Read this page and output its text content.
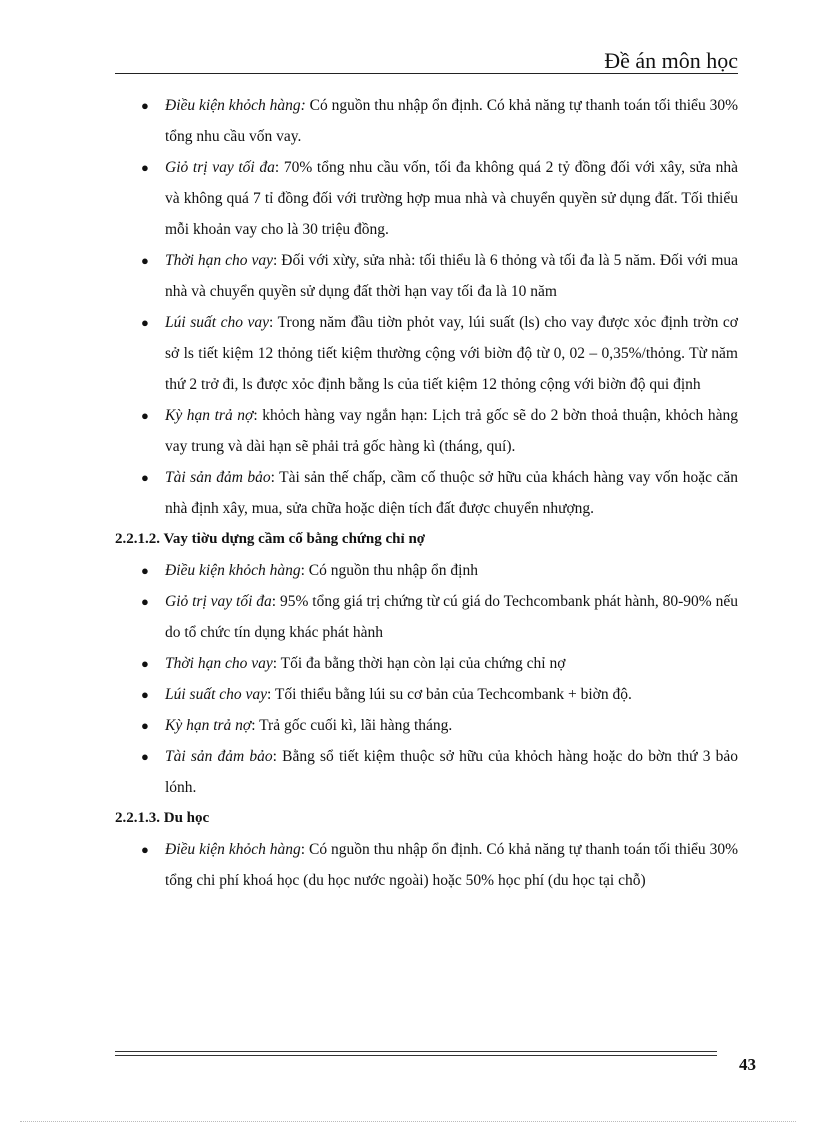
Đề án môn học
● Điều kiện khỏch hàng: Có nguồn thu nhập ổn định. Có khả năng tự thanh toán tối thiểu 30% tổng nhu cầu vốn vay.
● Giỏ trị vay tối đa: 70% tổng nhu cầu vốn, tối đa không quá 2 tỷ đồng đối với xây, sửa nhà và không quá 7 tỉ đồng đối với trường hợp mua nhà và chuyển quyền sử dụng đất. Tối thiểu mỗi khoản vay cho là 30 triệu đồng.
● Thời hạn cho vay: Đối với xừy, sửa nhà: tối thiểu là 6 thỏng và tối đa là 5 năm. Đối với mua nhà và chuyển quyền sử dụng đất thời hạn vay tối đa là 10 năm
● Lúi suất cho vay: Trong năm đầu tiờn phỏt vay, lúi suất (ls) cho vay được xỏc định trờn cơ sở ls tiết kiệm 12 thỏng tiết kiệm thường cộng với biờn độ từ 0, 02 – 0,35%/thỏng. Từ năm thứ 2 trở đi, ls được xỏc định bằng ls của tiết kiệm 12 thỏng cộng với biờn độ qui định
● Kỳ hạn trả nợ: khỏch hàng vay ngắn hạn: Lịch trả gốc sẽ do 2 bờn thoả thuận, khỏch hàng vay trung và dài hạn sẽ phải trả gốc hàng kì (tháng, quí).
● Tài sản đảm bảo: Tài sản thế chấp, cầm cố thuộc sở hữu của khách hàng vay vốn hoặc căn nhà định xây, mua, sửa chữa hoặc diện tích đất được chuyển nhượng.

2.2.1.2. Vay tiờu dựng cầm cố bằng chứng chỉ nợ

● Điều kiện khỏch hàng: Có nguồn thu nhập ổn định
● Giỏ trị vay tối đa: 95% tổng giá trị chứng từ cú giá do Techcombank phát hành, 80-90% nếu do tổ chức tín dụng khác phát hành
● Thời hạn cho vay: Tối đa bằng thời hạn còn lại của chứng chỉ nợ
● Lúi suất cho vay: Tối thiểu bằng lúi su cơ bản của Techcombank + biờn độ.
● Kỳ hạn trả nợ: Trả gốc cuối kì, lãi hàng tháng.
● Tài sản đảm bảo: Bằng sổ tiết kiệm thuộc sở hữu của khỏch hàng hoặc do bờn thứ 3 bảo lónh.

2.2.1.3. Du học

● Điều kiện khỏch hàng: Có nguồn thu nhập ổn định. Có khả năng tự thanh toán tối thiểu 30% tổng chi phí khoá học (du học nước ngoài) hoặc 50% học phí (du học tại chỗ)
43
